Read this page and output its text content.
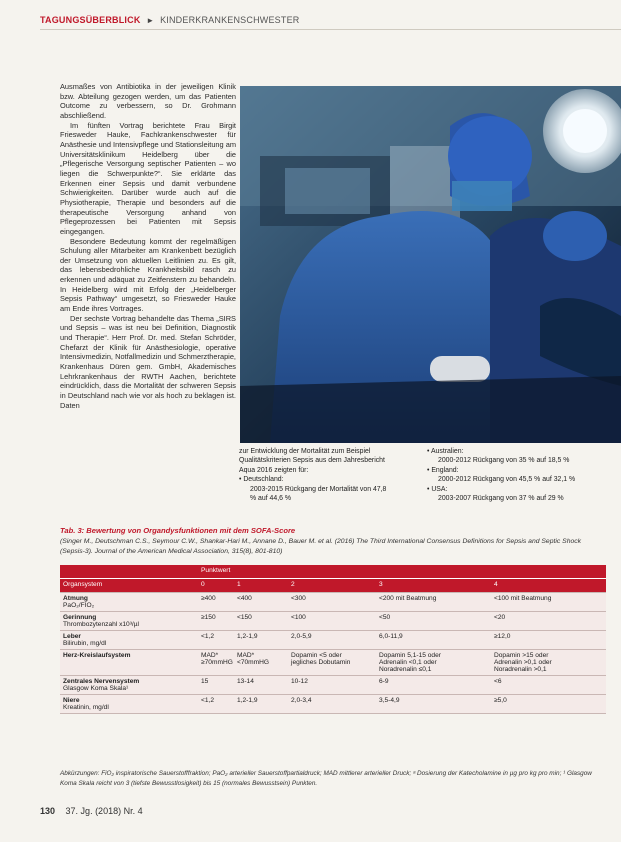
TAGUNGSÜBERBLICK ► KINDERKRANKENSCHWESTER

Ausmaßes von Antibiotika in der jeweiligen Klinik bzw. Abteilung gezogen werden, um das Patienten Outcome zu verbessern, so Dr. Grohmann abschließend.

Im fünften Vortrag berichtete Frau Birgit Friesweder Hauke, Fachkrankenschwester für Anästhesie und Intensivpflege und Stationsleitung am Universitätsklinikum Heidelberg über die „Pflegerische Versorgung septischer Patienten – wo liegen die Schwerpunkte?“. Sie erklärte das Erkennen einer Sepsis und damit verbundene Schwierigkeiten. Darüber wurde auch auf die Physiotherapie, Therapie und besonders auf die therapeutische Versorgung anhand von Pflegeprozessen bei Patienten mit Sepsis eingegangen.

Besondere Bedeutung kommt der regelmäßigen Schulung aller Mitarbeiter am Krankenbett bezüglich der Umsetzung von aktuellen Leitlinien zu. Es gilt, das lebensbedrohliche Krankheitsbild rasch zu erkennen und adäquat zu Zeitfenstern zu behandeln. In Heidelberg wird mit Erfolg der „Heidelberger Sepsis Pathway“ umgesetzt, so Friesweder Hauke am Ende ihres Vortrages.

Der sechste Vortrag behandelte das Thema „SIRS und Sepsis – was ist neu bei Definition, Diagnostik und Therapie“. Herr Prof. Dr. med. Stefan Schröder, Chefarzt der Klinik für Anästhesiologie, operative Intensivmedizin, Notfallmedizin und Schmerztherapie, Krankenhaus Düren gem. GmbH, Akademisches Lehrkrankenhaus der RWTH Aachen, berichtete eindrücklich, dass die Mortalität der schweren Sepsis in Deutschland nach wie vor als hoch zu beklagen ist. Daten

zur Entwicklung der Mortalität zum Beispiel Qualitätskriterien Sepsis aus dem Jahresbericht Aqua 2016 zeigten für:

• Deutschland:
2003-2015 Rückgang der Mortalität von 47,8 % auf 44,6 %
• Australien:
2000-2012 Rückgang von 35 % auf 18,5 %
• England:
2000-2012 Rückgang von 45,5 % auf 32,1 %
• USA:
2003-2007 Rückgang von 37 % auf 29 %
Tab. 3: Bewertung von Organdysfunktionen mit dem SOFA-Score
(Singer M., Deutschman C.S., Seymour C.W., Shankar-Hari M., Annane D., Bauer M. et al. (2016) The Third International Consensus Definitions for Sepsis and Septic Shock (Sepsis-3). Journal of the American Medical Association, 315(8), 801-810)
	Punktwert				
Organsystem	0	1	2	3	4
Atmung
PaO₂/FIO₂	≥400	<400	<300	<200 mit Beatmung	<100 mit Beatmung

Gerinnung
Thrombozytenzahl x10³/µl	≥150	<150	<100	<50	<20

Leber
Bilirubin, mg/dl	<1,2	1,2-1,9	2,0-5,9	6,0-11,9	≥12,0

Herz-Kreislaufsystem	MAD*
≥70mmHG	MAD*
<70mmHG	Dopamin <5 oder
jegliches Dobutamin	Dopamin 5,1-15 oder
Adrenalin <0,1 oder
Noradrenalin ≤0,1	Dopamin >15 oder
Adrenalin >0,1 oder
Noradrenalin >0,1

Zentrales Nervensystem
Glasgow Koma Skala¹	15	13-14	10-12	6-9	<6

Niere
Kreatinin, mg/dl	<1,2	1,2-1,9	2,0-3,4	3,5-4,9	≥5,0
Abkürzungen: FiO₂ inspiratorische Sauerstofffraktion; PaO₂ arterieller Sauerstoffpartialdruck; MAD mittlerer arterieller Druck; ᵃ Dosierung der Katecholamine in µg pro kg pro min; ¹ Glasgow Koma Skala reicht von 3 (tiefste Bewusstlosigkeit) bis 15 (normales Bewusstsein) Punkten.
130 37. Jg. (2018) Nr. 4
